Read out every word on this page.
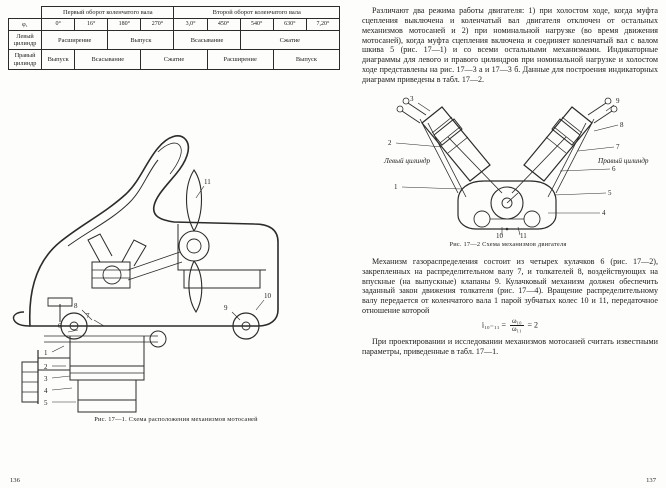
	Первый оборот коленчатого вала				Второй оборот коленчатого вала				
φ₁	0°	16°	180°	270°	3,0°	450°	540°	630°	7,20°
Левый цилиндр	Расширение		Выпуск		Всасывание		Сжатие		
Правый цилиндр	Выпуск	Всасывание		Сжатие		Расширение		Выпуск	
1
2
3
4
5
6
7
8	9
10
11
Рис. 17—1. Схема расположения механизмов мотосаней
136

Различают два режима работы двигателя: 1) при холостом ходе, когда муфта сцепления выключена и коленчатый вал двигателя отключен от остальных механизмов мотосаней и 2) при номинальной нагрузке (во время движения мотосаней), когда муфта сцепления включена и соединяет коленчатый вал с валом шкива 5 (рис. 17—1) и со всеми остальными механизмами. Индикаторные диаграммы для левого и правого цилиндров при номинальной нагрузке и холостом ходе представлены на рис. 17—3 а и 17—3 б. Данные для построения индикаторных диаграмм приведены в табл. 17—2.

9
8
7
6
5
4
3
2
1
10 11
Левый цилиндр	Правый цилиндр
Рис. 17—2 Схема механизмов двигателя

Механизм газораспределения состоит из четырех кулачков 6 (рис. 17—2), закрепленных на распределительном валу 7, и толкателей 8, воздействующих на впускные (на выпускные) клапаны 9. Кулачковый механизм должен обеспечить заданный закон движения толкателя (рис. 17—4). Вращение распределительному валу передается от коленчатого вала 1 парой зубчатых колес 10 и 11, передаточное отношение которой

$i_{10-11} = \frac{\text{ω₁₀}}{\text{ω₁₁}} = 2$

При проектировании и исследовании механизмов мотосаней считать известными параметры, приведенные в табл. 17—1.

137
